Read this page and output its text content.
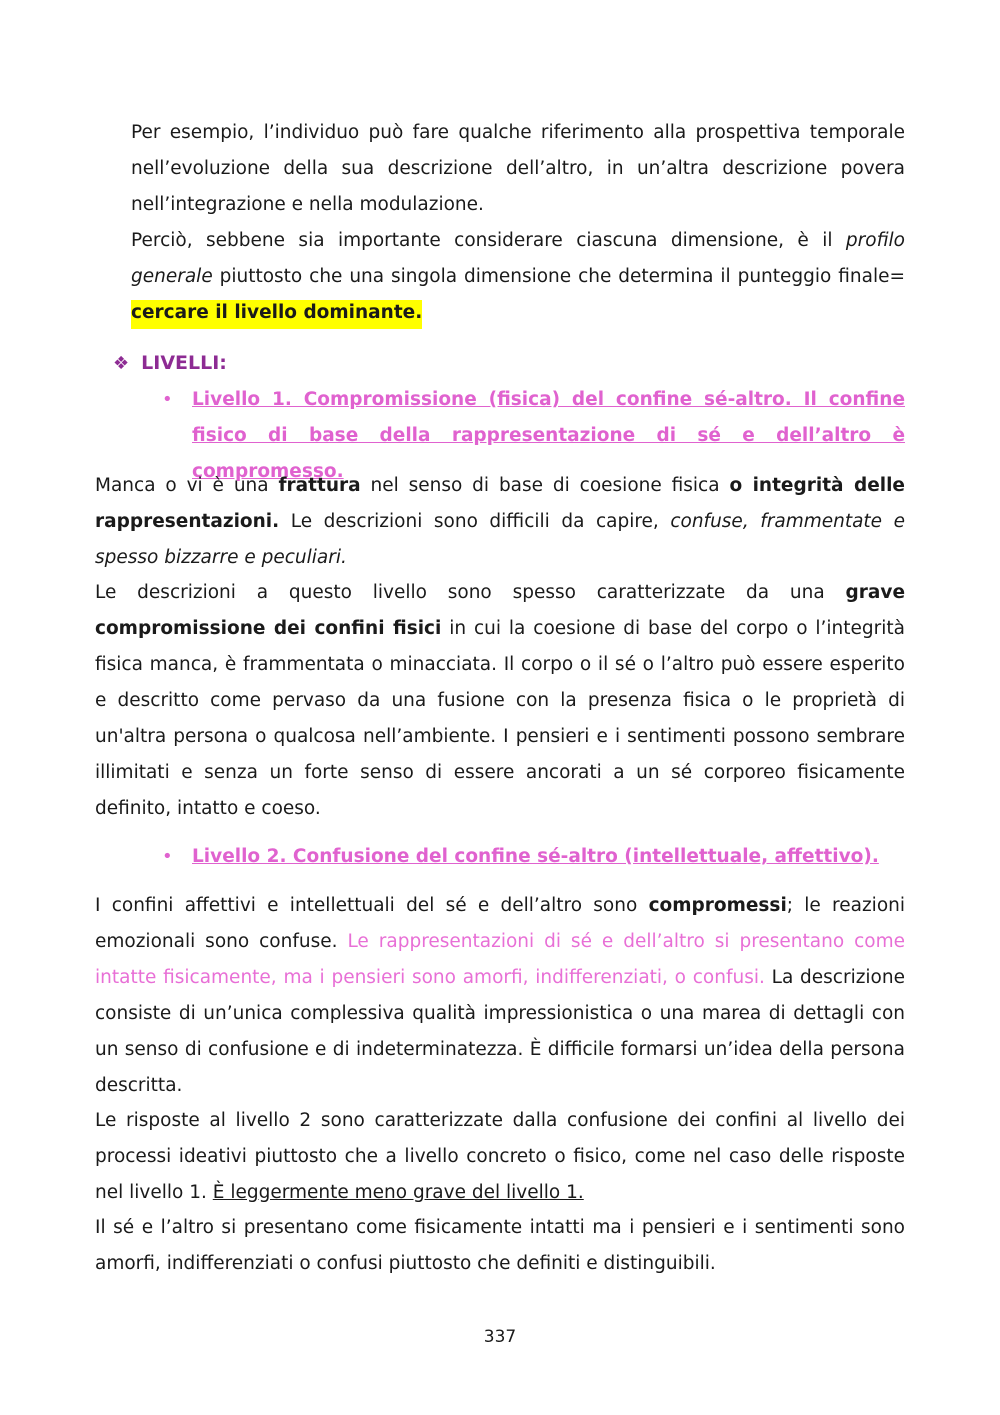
Per esempio, l’individuo può fare qualche riferimento alla prospettiva temporale nell’evoluzione della sua descrizione dell’altro, in un’altra descrizione povera nell’integrazione e nella modulazione.

Perciò, sebbene sia importante considerare ciascuna dimensione, è il profilo generale piuttosto che una singola dimensione che determina il punteggio finale= cercare il livello dominante.

❖ LIVELLI:
• Livello 1. Compromissione (fisica) del confine sé-altro. Il confine fisico di base della rappresentazione di sé e dell’altro è compromesso.

Manca o vi è una frattura nel senso di base di coesione fisica o integrità delle rappresentazioni. Le descrizioni sono difficili da capire, confuse, frammentate e spesso bizzarre e peculiari.

Le descrizioni a questo livello sono spesso caratterizzate da una grave compromissione dei confini fisici in cui la coesione di base del corpo o l’integrità fisica manca, è frammentata o minacciata. Il corpo o il sé o l’altro può essere esperito e descritto come pervaso da una fusione con la presenza fisica o le proprietà di un'altra persona o qualcosa nell’ambiente. I pensieri e i sentimenti possono sembrare illimitati e senza un forte senso di essere ancorati a un sé corporeo fisicamente definito, intatto e coeso.

• Livello 2. Confusione del confine sé-altro (intellettuale, affettivo).

I confini affettivi e intellettuali del sé e dell’altro sono compromessi; le reazioni emozionali sono confuse. Le rappresentazioni di sé e dell’altro si presentano come intatte fisicamente, ma i pensieri sono amorfi, indifferenziati, o confusi. La descrizione consiste di un’unica complessiva qualità impressionistica o una marea di dettagli con un senso di confusione e di indeterminatezza. È difficile formarsi un’idea della persona descritta.

Le risposte al livello 2 sono caratterizzate dalla confusione dei confini al livello dei processi ideativi piuttosto che a livello concreto o fisico, come nel caso delle risposte nel livello 1. È leggermente meno grave del livello 1.

Il sé e l’altro si presentano come fisicamente intatti ma i pensieri e i sentimenti sono amorfi, indifferenziati o confusi piuttosto che definiti e distinguibili.

337
